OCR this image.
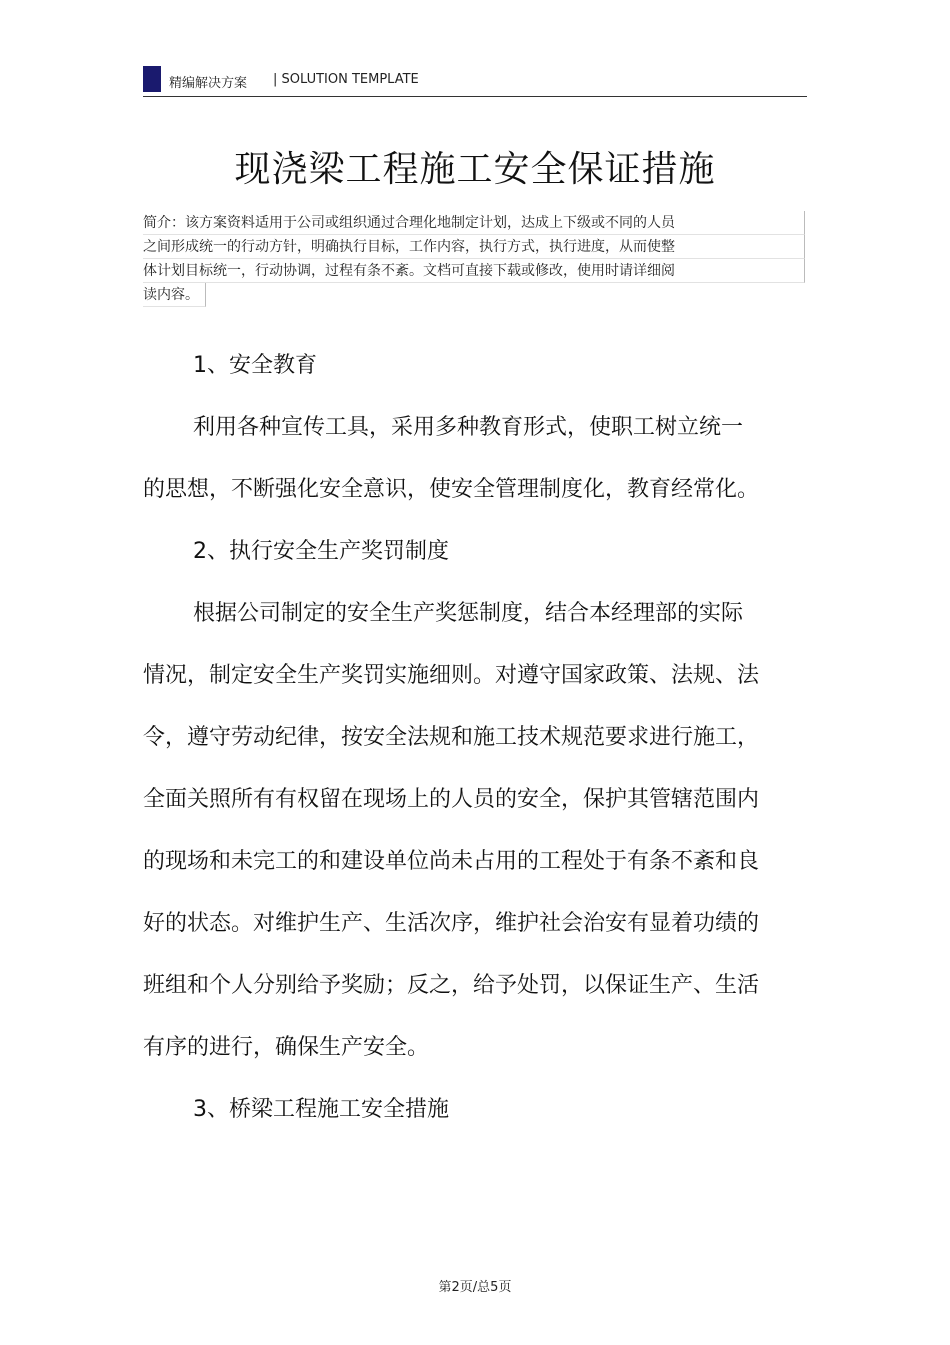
精编解决方案 | SOLUTION TEMPLATE
现浇梁工程施工安全保证措施
简介：该方案资料适用于公司或组织通过合理化地制定计划，达成上下级或不同的人员
之间形成统一的行动方针，明确执行目标，工作内容，执行方式，执行进度，从而使整
体计划目标统一，行动协调，过程有条不紊。文档可直接下载或修改，使用时请详细阅
读内容。

1、安全教育

利用各种宣传工具，采用多种教育形式，使职工树立统一的思想，不断强化安全意识，使安全管理制度化，教育经常化。

2、执行安全生产奖罚制度

根据公司制定的安全生产奖惩制度，结合本经理部的实际情况，制定安全生产奖罚实施细则。对遵守国家政策、法规、法令，遵守劳动纪律，按安全法规和施工技术规范要求进行施工，全面关照所有有权留在现场上的人员的安全，保护其管辖范围内的现场和未完工的和建设单位尚未占用的工程处于有条不紊和良好的状态。对维护生产、生活次序，维护社会治安有显着功绩的班组和个人分别给予奖励；反之，给予处罚，以保证生产、生活有序的进行，确保生产安全。

3、桥梁工程施工安全措施

第2页/总5页
